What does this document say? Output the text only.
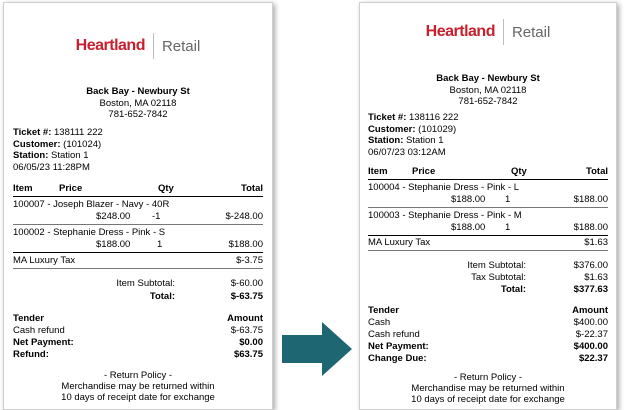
Heartland Retail
Back Bay - Newbury St
Boston, MA 02118
781-652-7842
Ticket #: 138111 222
Customer: (101024)
Station: Station 1
06/05/23 11:28PM
Item	Price	Qty	Total
100007 - Joseph Blazer - Navy - 40R
$248.00 -1	$-248.00
100002 - Stephanie Dress - Pink - S
$188.00	1	$188.00
MA Luxury Tax	$-3.75
Item Subtotal:	$-60.00
Total:	$-63.75
Tender	Amount
Cash refund	$-63.75
Net Payment:	$0.00
Refund:	$63.75
- Return Policy -
Merchandise may be returned within
10 days of receipt date for exchange
Heartland Retail
Back Bay - Newbury St
Boston, MA 02118
781-652-7842
Ticket #: 138116 222
Customer: (101029)
Station: Station 1
06/07/23 03:12AM
Item	Price	Qty	Total
100004 - Stephanie Dress - Pink - L
$188.00 1	$188.00
100003 - Stephanie Dress - Pink - M
$188.00 1	$188.00
MA Luxury Tax	$1.63
Item Subtotal:	$376.00
Tax Subtotal:	$1.63
Total:	$377.63
Tender	Amount
Cash	$400.00
Cash refund	$-22.37
Net Payment:	$400.00
Change Due:	$22.37
- Return Policy -
Merchandise may be returned within
10 days of receipt date for exchange
